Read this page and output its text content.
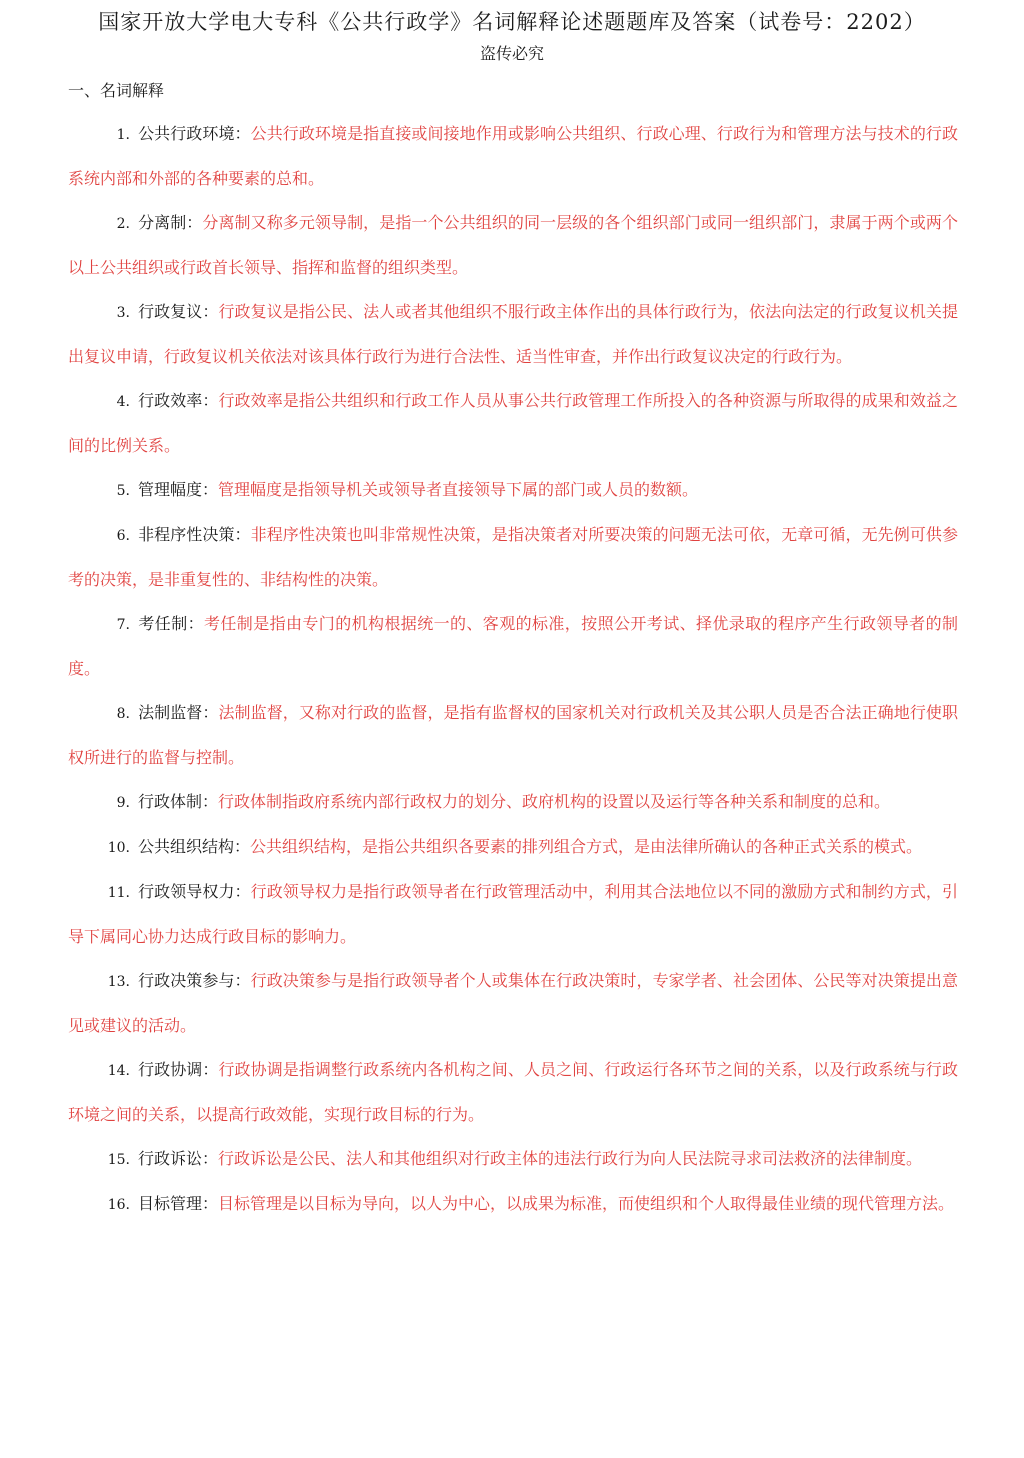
国家开放大学电大专科《公共行政学》名词解释论述题题库及答案（试卷号：2202）
盗传必究
一、名词解释
1. 公共行政环境：公共行政环境是指直接或间接地作用或影响公共组织、行政心理、行政行为和管理方法与技术的行政系统内部和外部的各种要素的总和。
2. 分离制：分离制又称多元领导制，是指一个公共组织的同一层级的各个组织部门或同一组织部门，隶属于两个或两个以上公共组织或行政首长领导、指挥和监督的组织类型。
3. 行政复议：行政复议是指公民、法人或者其他组织不服行政主体作出的具体行政行为，依法向法定的行政复议机关提出复议申请，行政复议机关依法对该具体行政行为进行合法性、适当性审查，并作出行政复议决定的行政行为。
4. 行政效率：行政效率是指公共组织和行政工作人员从事公共行政管理工作所投入的各种资源与所取得的成果和效益之间的比例关系。
5. 管理幅度：管理幅度是指领导机关或领导者直接领导下属的部门或人员的数额。
6. 非程序性决策：非程序性决策也叫非常规性决策，是指决策者对所要决策的问题无法可依，无章可循，无先例可供参考的决策，是非重复性的、非结构性的决策。
7. 考任制：考任制是指由专门的机构根据统一的、客观的标准，按照公开考试、择优录取的程序产生行政领导者的制度。
8. 法制监督：法制监督，又称对行政的监督，是指有监督权的国家机关对行政机关及其公职人员是否合法正确地行使职权所进行的监督与控制。
9. 行政体制：行政体制指政府系统内部行政权力的划分、政府机构的设置以及运行等各种关系和制度的总和。
10. 公共组织结构：公共组织结构，是指公共组织各要素的排列组合方式，是由法律所确认的各种正式关系的模式。
11. 行政领导权力：行政领导权力是指行政领导者在行政管理活动中，利用其合法地位以不同的激励方式和制约方式，引导下属同心协力达成行政目标的影响力。
13. 行政决策参与：行政决策参与是指行政领导者个人或集体在行政决策时，专家学者、社会团体、公民等对决策提出意见或建议的活动。
14. 行政协调：行政协调是指调整行政系统内各机构之间、人员之间、行政运行各环节之间的关系，以及行政系统与行政环境之间的关系，以提高行政效能，实现行政目标的行为。
15. 行政诉讼：行政诉讼是公民、法人和其他组织对行政主体的违法行政行为向人民法院寻求司法救济的法律制度。
16. 目标管理：目标管理是以目标为导向，以人为中心，以成果为标准，而使组织和个人取得最佳业绩的现代管理方法。
